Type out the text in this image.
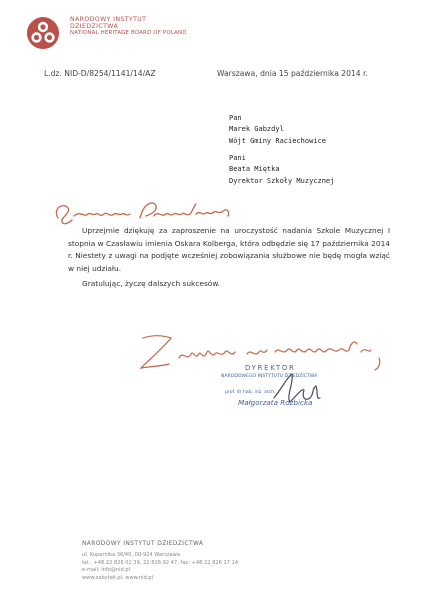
NARODOWY INSTYTUT
DZIEDZICTWA
NATIONAL HERITAGE BOARD OF POLAND
L.dz. NID-D/8254/1141/14/AZ	Warszawa, dnia 15 października 2014 r.
Pan
Marek Gabzdyl
Wójt Gminy Raciechowice
Pani
Beata Miętka
Dyrektor Szkoły Muzycznej

Uprzejmie dziękuję za zaproszenie na uroczystość nadania Szkole Muzycznej I stopnia w Czasławiu imienia Oskara Kolberga, która odbędzie się 17 października 2014 r. Niestety z uwagi na podjęte wcześniej zobowiązania służbowe nie będę mogła wziąć w niej udziału.

Gratulując, życzę dalszych sukcesów.

DYREKTOR
NARODOWEGO INSTYTUTU DZIEDZICTWA
prof. dr hab. inż. arch.
Małgorzata Rozbicka
NARODOWY INSTYTUT DZIEDZICTWA
ul. Kopernika 36/40, 00-924 Warszawa
tel.: +48 22 826 02 39, 22 826 92 47, fax: +48 22 826 17 14
e-mail: info@nid.pl
www.zabytek.pl, www.nid.pl
